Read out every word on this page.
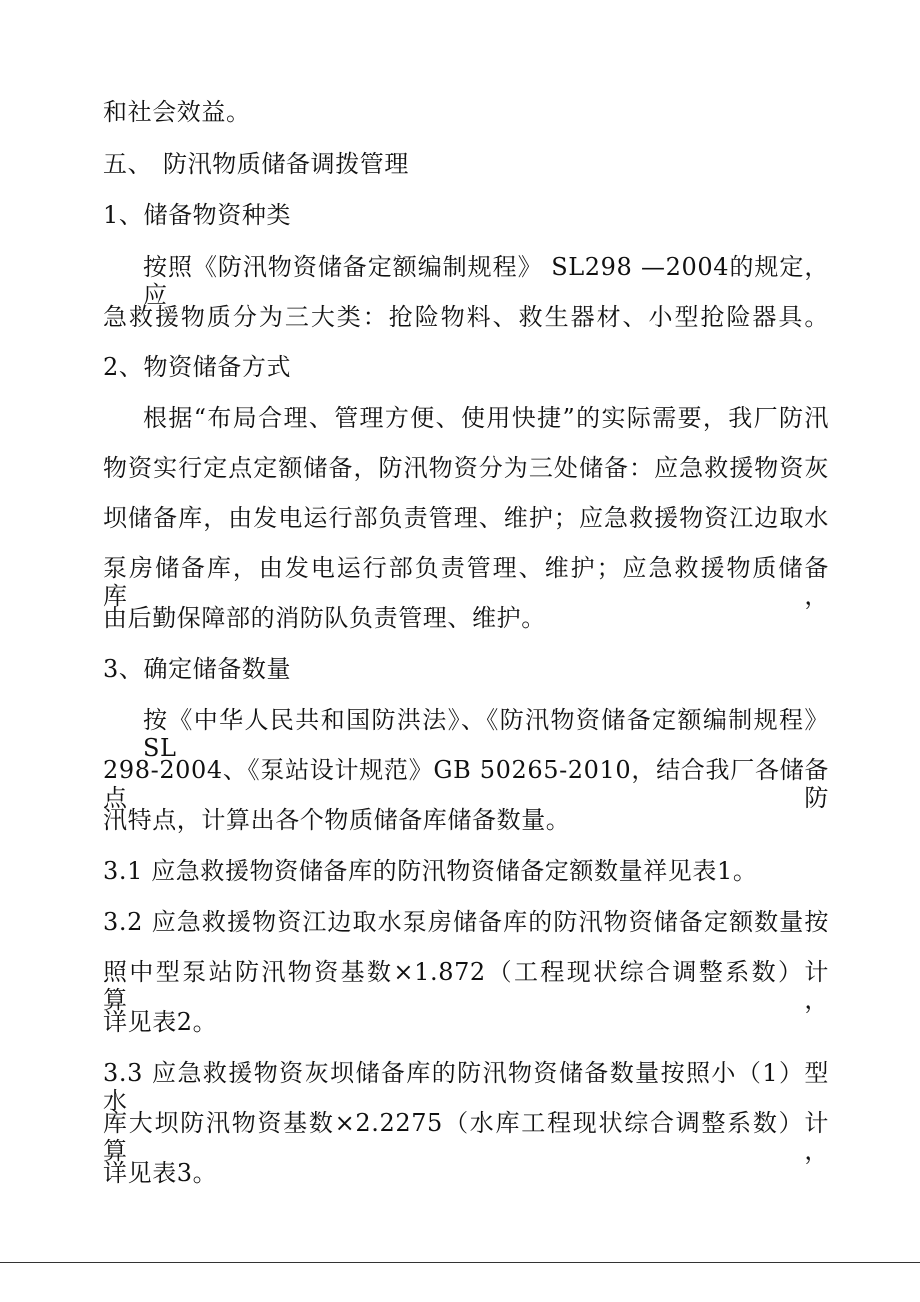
和社会效益。
五、 防汛物质储备调拨管理
1、储备物资种类
按照《防汛物资储备定额编制规程》 SL298 —2004的规定，应
急救援物质分为三大类：抢险物料、救生器材、小型抢险器具。
2、物资储备方式
根据“布局合理、管理方便、使用快捷”的实际需要，我厂防汛
物资实行定点定额储备，防汛物资分为三处储备：应急救援物资灰
坝储备库，由发电运行部负责管理、维护；应急救援物资江边取水
泵房储备库，由发电运行部负责管理、维护；应急救援物质储备库，
由后勤保障部的消防队负责管理、维护。
3、确定储备数量
按《中华人民共和国防洪法》、《防汛物资储备定额编制规程》SL
298-2004、《泵站设计规范》GB 50265-2010，结合我厂各储备点防
汛特点，计算出各个物质储备库储备数量。
3.1 应急救援物资储备库的防汛物资储备定额数量祥见表1。
3.2 应急救援物资江边取水泵房储备库的防汛物资储备定额数量按
照中型泵站防汛物资基数×1.872（工程现状综合调整系数）计算，
详见表2。
3.3 应急救援物资灰坝储备库的防汛物资储备数量按照小（1）型水
库大坝防汛物资基数×2.2275（水库工程现状综合调整系数）计算，
详见表3。
